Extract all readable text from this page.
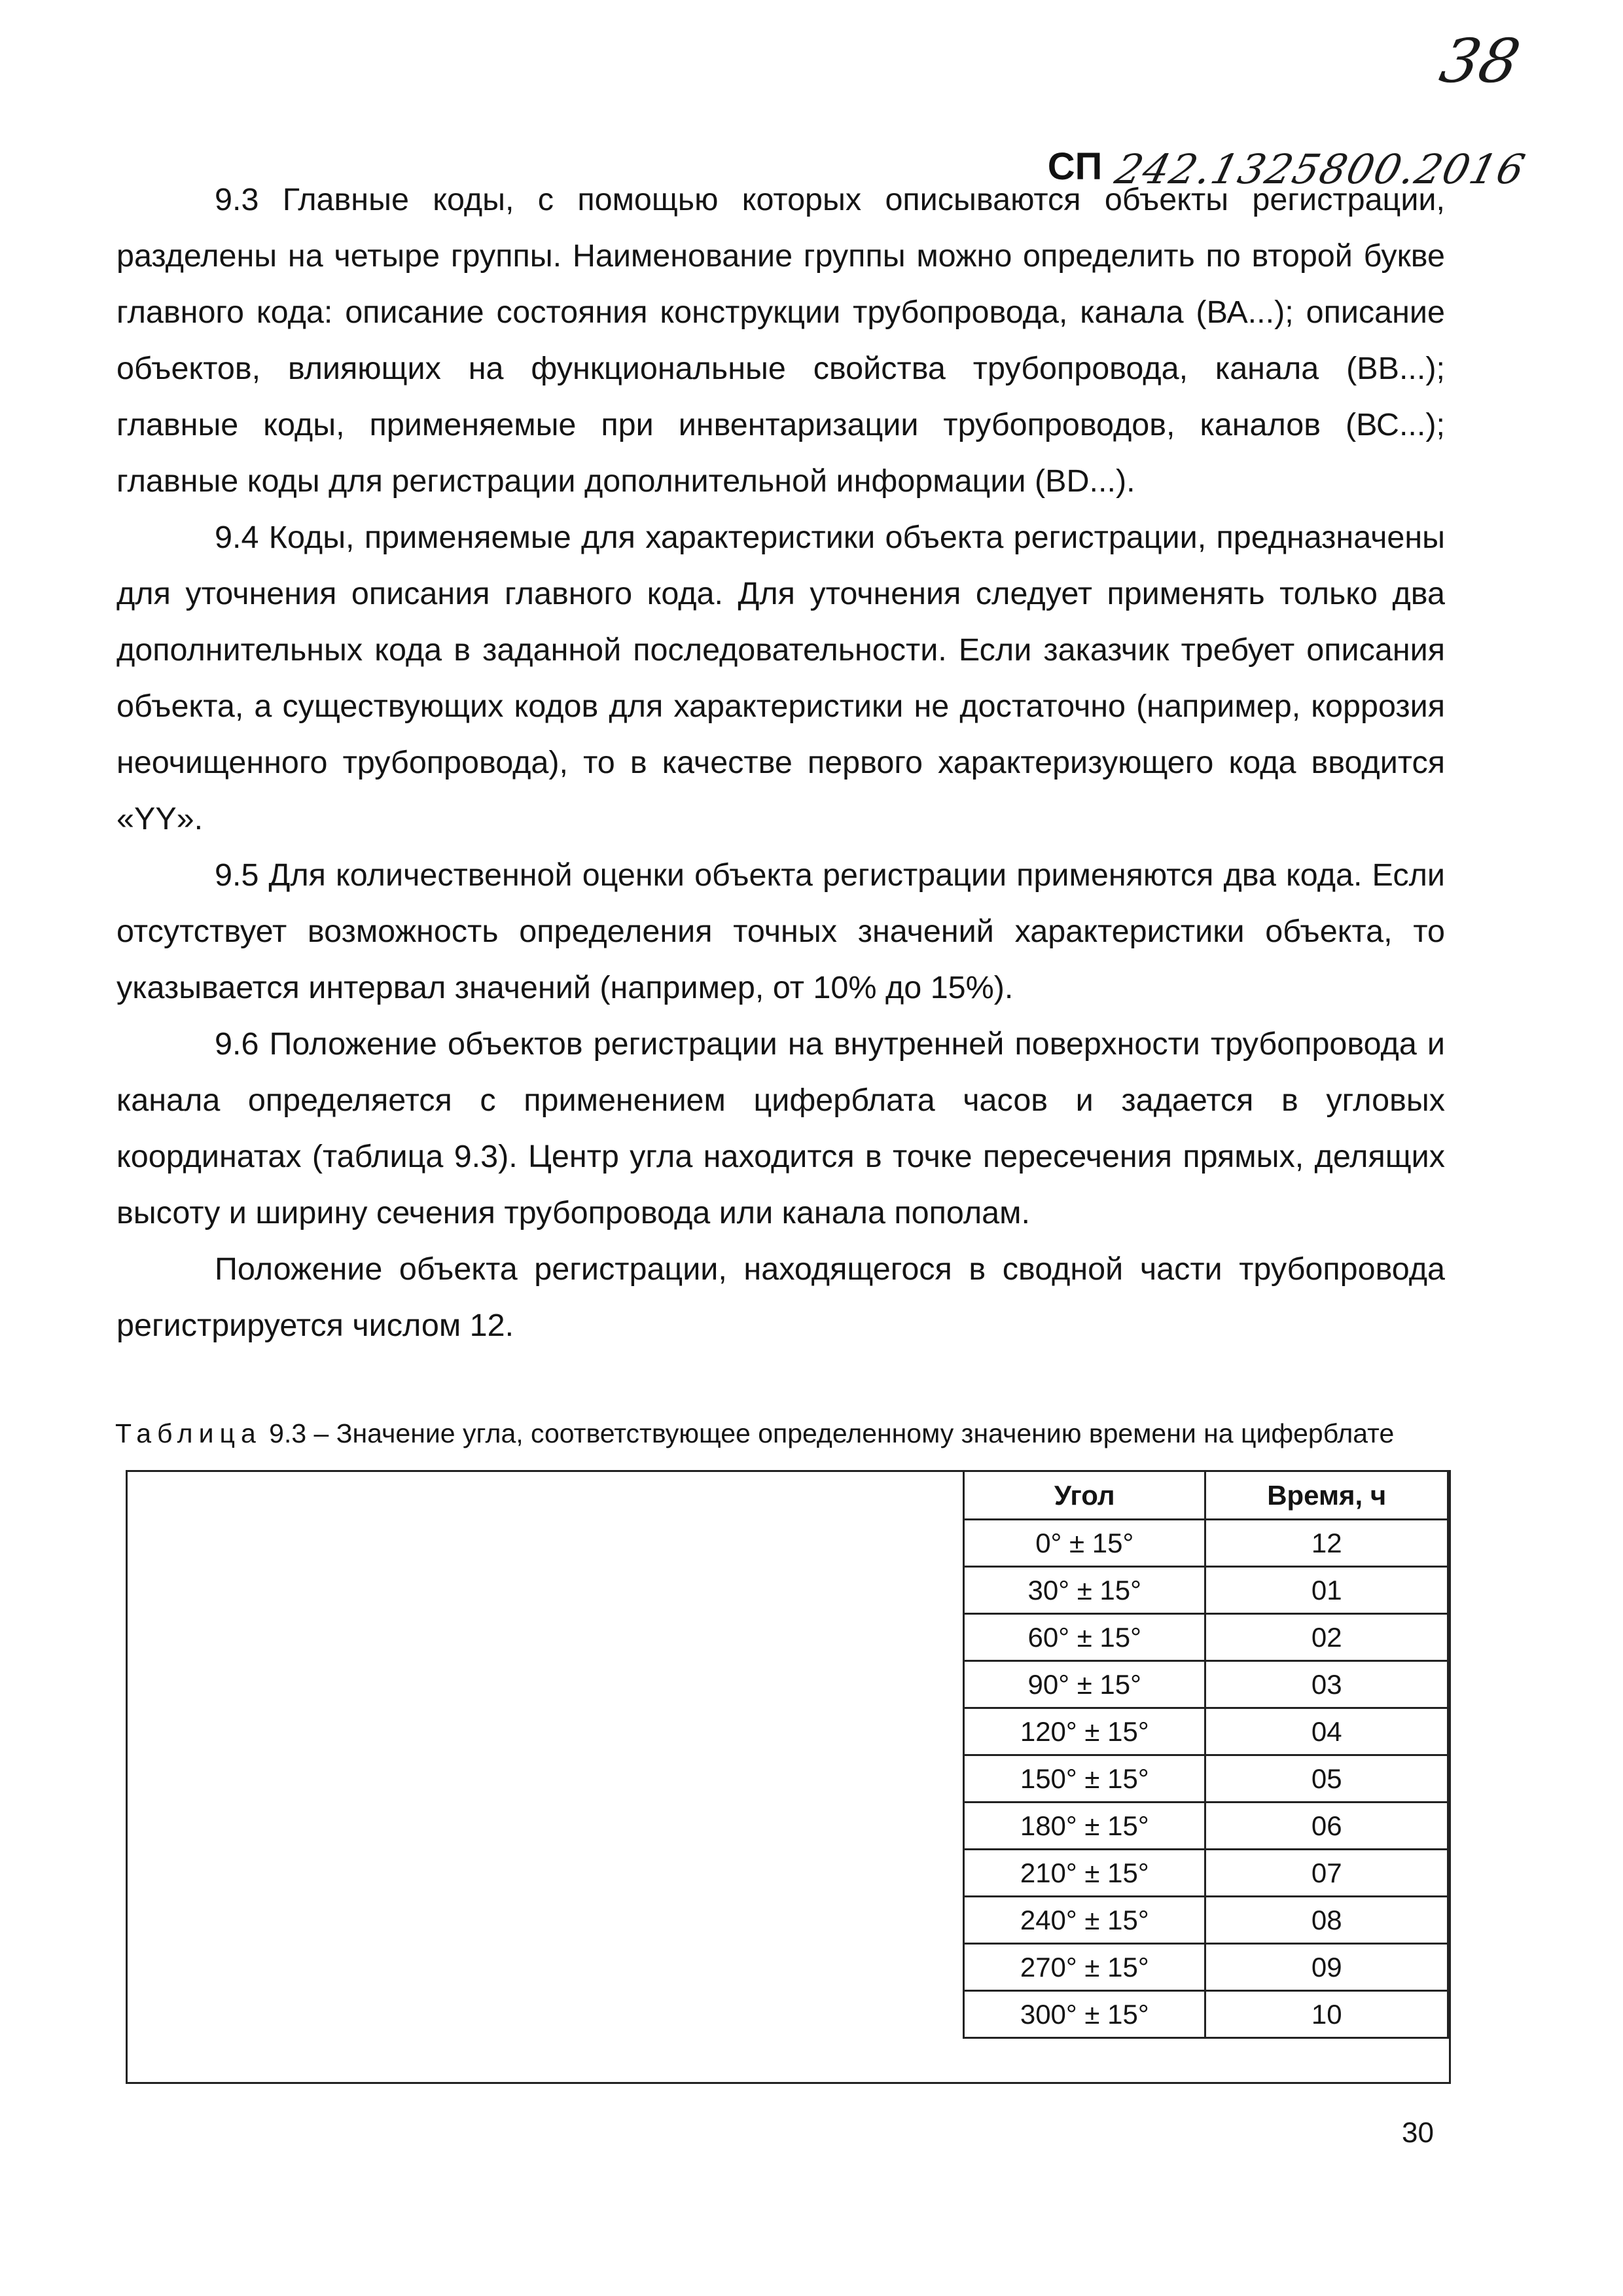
38
СП 242.1325800.2016

9.3 Главные коды, с помощью которых описываются объекты регистрации, разделены на четыре группы. Наименование группы можно определить по второй букве главного кода: описание состояния конструкции трубопровода, канала (ВА...); описание объектов, влияющих на функциональные свойства трубопровода, канала (ВВ...); главные коды, применяемые при инвентаризации трубопроводов, каналов (ВС...); главные коды для регистрации дополнительной информации (BD...).

9.4 Коды, применяемые для характеристики объекта регистрации, предназначены для уточнения описания главного кода. Для уточнения следует применять только два дополнительных кода в заданной последовательности. Если заказчик требует описания объекта, а существующих кодов для характеристики не достаточно (например, коррозия неочищенного трубопровода), то в качестве первого характеризующего кода вводится «YY».

9.5 Для количественной оценки объекта регистрации применяются два кода. Если отсутствует возможность определения точных значений характеристики объекта, то указывается интервал значений (например, от 10% до 15%).

9.6 Положение объектов регистрации на внутренней поверхности трубопровода и канала определяется с применением циферблата часов и задается в угловых координатах (таблица 9.3). Центр угла находится в точке пересечения прямых, делящих высоту и ширину сечения трубопровода или канала пополам.

Положение объекта регистрации, находящегося в сводной части трубопровода регистрируется числом 12.

Таблица 9.3 – Значение угла, соответствующее определенному значению времени на циферблате
Угол	Время, ч
0° ± 15°	12
30° ± 15°	01
60° ± 15°	02
90° ± 15°	03
120° ± 15°	04
150° ± 15°	05
180° ± 15°	06
210° ± 15°	07
240° ± 15°	08
270° ± 15°	09
300° ± 15°	10
30
